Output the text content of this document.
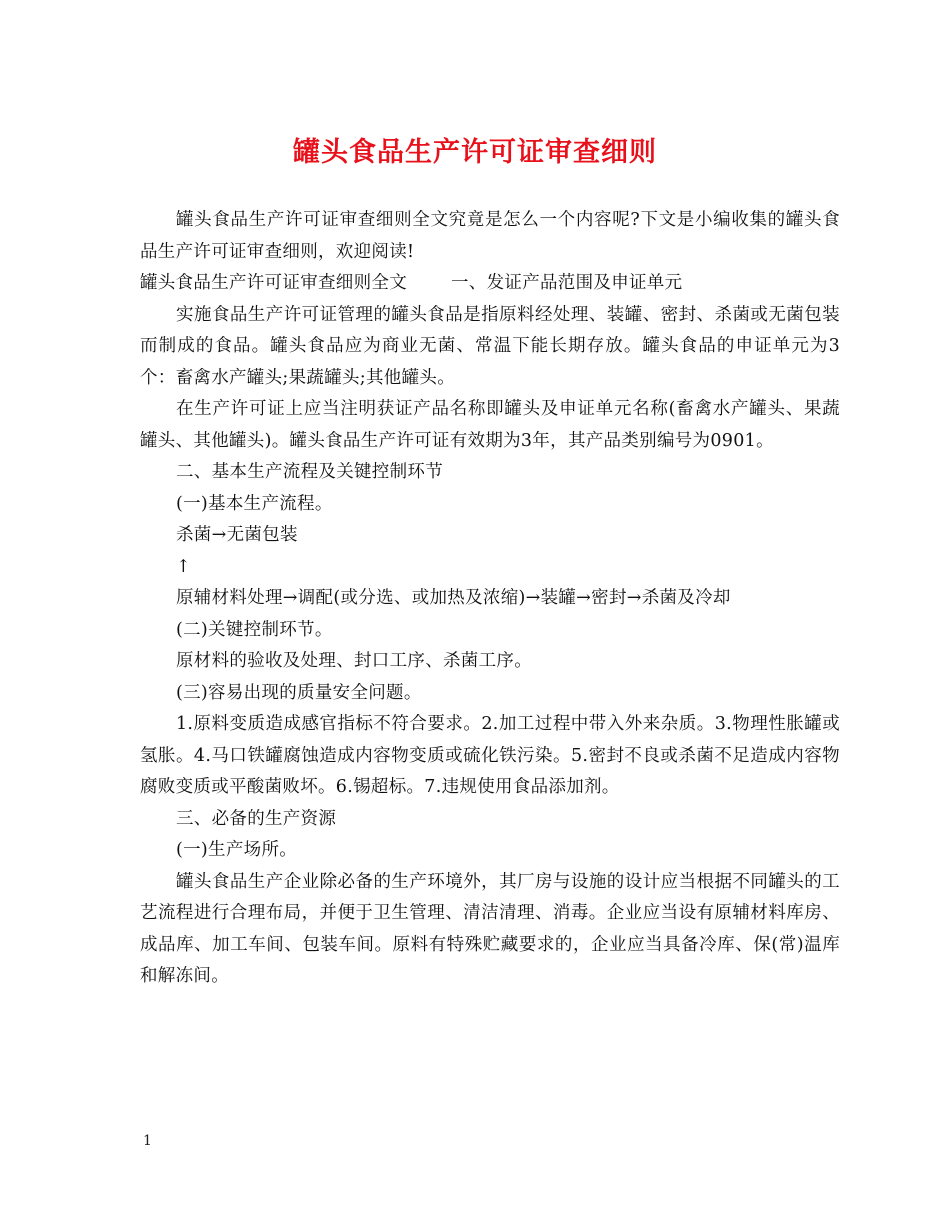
罐头食品生产许可证审查细则

罐头食品生产许可证审查细则全文究竟是怎么一个内容呢?下文是小编收集的罐头食品生产许可证审查细则，欢迎阅读!

罐头食品生产许可证审查细则全文	一、发证产品范围及申证单元

实施食品生产许可证管理的罐头食品是指原料经处理、装罐、密封、杀菌或无菌包装而制成的食品。罐头食品应为商业无菌、常温下能长期存放。罐头食品的申证单元为3个：畜禽水产罐头;果蔬罐头;其他罐头。

在生产许可证上应当注明获证产品名称即罐头及申证单元名称(畜禽水产罐头、果蔬罐头、其他罐头)。罐头食品生产许可证有效期为3年，其产品类别编号为0901。

二、基本生产流程及关键控制环节

(一)基本生产流程。

杀菌→无菌包装

↑

原辅材料处理→调配(或分选、或加热及浓缩)→装罐→密封→杀菌及冷却

(二)关键控制环节。

原材料的验收及处理、封口工序、杀菌工序。

(三)容易出现的质量安全问题。

1.原料变质造成感官指标不符合要求。2.加工过程中带入外来杂质。3.物理性胀罐或氢胀。4.马口铁罐腐蚀造成内容物变质或硫化铁污染。5.密封不良或杀菌不足造成内容物腐败变质或平酸菌败坏。6.锡超标。7.违规使用食品添加剂。

三、必备的生产资源

(一)生产场所。

罐头食品生产企业除必备的生产环境外，其厂房与设施的设计应当根据不同罐头的工艺流程进行合理布局，并便于卫生管理、清洁清理、消毒。企业应当设有原辅材料库房、成品库、加工车间、包装车间。原料有特殊贮藏要求的，企业应当具备冷库、保(常)温库和解冻间。

1
